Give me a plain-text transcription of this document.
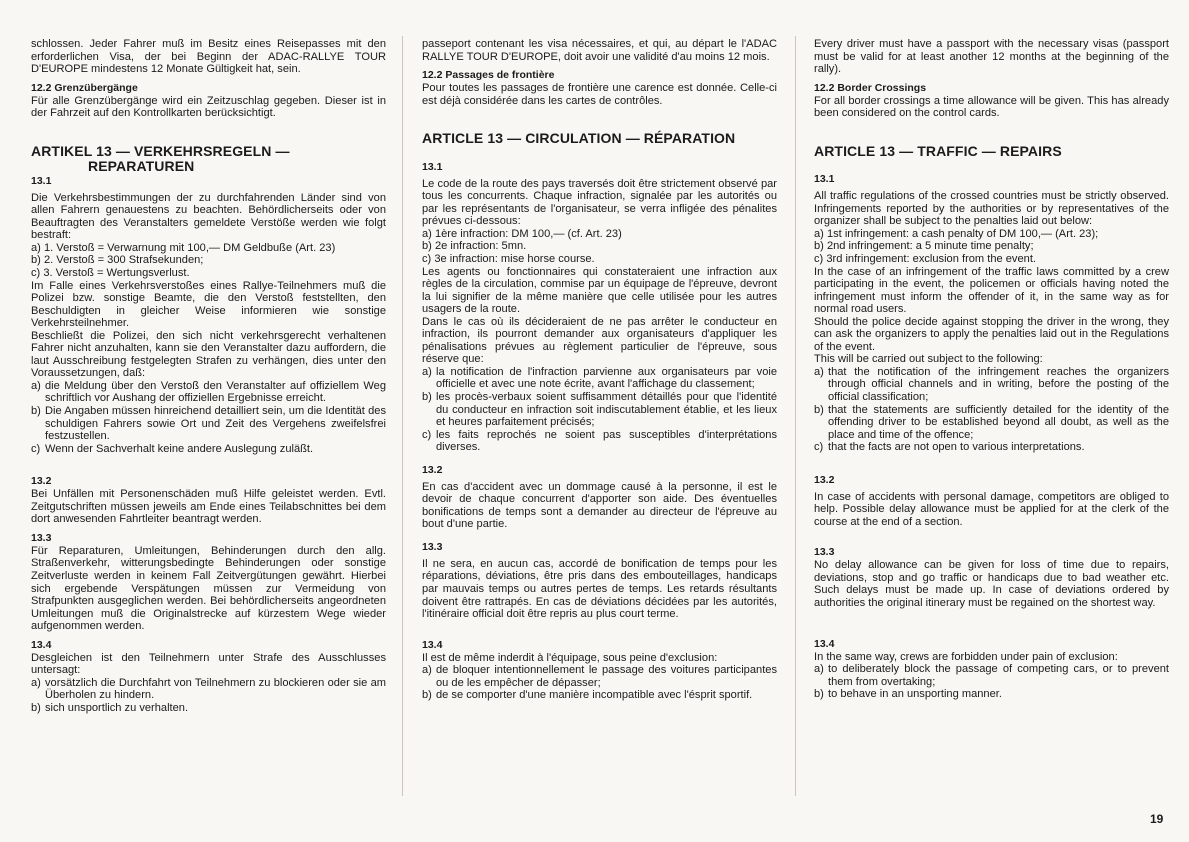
schlossen. Jeder Fahrer muß im Besitz eines Reisepasses mit den erforderlichen Visa, der bei Beginn der ADAC-RALLYE TOUR D'EUROPE mindestens 12 Monate Gültigkeit hat, sein.

12.2 Grenzübergänge

Für alle Grenzübergänge wird ein Zeitzuschlag gegeben. Dieser ist in der Fahrzeit auf den Kontrollkarten berücksichtigt.

ARTIKEL 13 — VERKEHRSREGELN —
REPARATUREN
13.1

Die Verkehrsbestimmungen der zu durchfahrenden Länder sind von allen Fahrern genauestens zu beachten. Behördlicherseits oder von Beauftragten des Veranstalters gemeldete Verstöße werden wie folgt bestraft:

a) 1. Verstoß = Verwarnung mit 100,— DM Geldbuße (Art. 23)

b) 2. Verstoß = 300 Strafsekunden;

c) 3. Verstoß = Wertungsverlust.

Im Falle eines Verkehrsverstoßes eines Rallye-Teilnehmers muß die Polizei bzw. sonstige Beamte, die den Verstoß feststellten, den Beschuldigten in gleicher Weise informieren wie sonstige Verkehrsteilnehmer.

Beschließt die Polizei, den sich nicht verkehrsgerecht verhaltenen Fahrer nicht anzuhalten, kann sie den Veranstalter dazu auffordern, die laut Ausschreibung festgelegten Strafen zu verhängen, dies unter den Voraussetzungen, daß:

a) die Meldung über den Verstoß den Veranstalter auf offiziellem Weg schriftlich vor Aushang der offiziellen Ergebnisse erreicht.
b) Die Angaben müssen hinreichend detailliert sein, um die Identität des schuldigen Fahrers sowie Ort und Zeit des Vergehens zweifelsfrei festzustellen.
c) Wenn der Sachverhalt keine andere Auslegung zuläßt.
13.2

Bei Unfällen mit Personenschäden muß Hilfe geleistet werden. Evtl. Zeitgutschriften müssen jeweils am Ende eines Teilabschnittes bei dem dort anwesenden Fahrtleiter beantragt werden.

13.3

Für Reparaturen, Umleitungen, Behinderungen durch den allg. Straßenverkehr, witterungsbedingte Behinderungen oder sonstige Zeitverluste werden in keinem Fall Zeitvergütungen gewährt. Hierbei sich ergebende Verspätungen müssen zur Vermeidung von Strafpunkten ausgeglichen werden. Bei behördlicherseits angeordneten Umleitungen muß die Originalstrecke auf kürzestem Wege wieder aufgenommen werden.

13.4

Desgleichen ist den Teilnehmern unter Strafe des Ausschlusses untersagt:

a) vorsätzlich die Durchfahrt von Teilnehmern zu blockieren oder sie am Überholen zu hindern.
b) sich unsportlich zu verhalten.

passeport contenant les visa nécessaires, et qui, au départ le l'ADAC RALLYE TOUR D'EUROPE, doit avoir une validité d'au moins 12 mois.

12.2 Passages de frontière

Pour toutes les passages de frontière une carence est donnée. Celle-ci est déjà considérée dans les cartes de contrôles.

ARTICLE 13 — CIRCULATION — RÉPARATION
13.1

Le code de la route des pays traversés doit être strictement observé par tous les concurrents. Chaque infraction, signalée par les autorités ou par les représentants de l'organisateur, se verra infligée des pénalites prévues ci-dessous:

a) 1ère infraction: DM 100,— (cf. Art. 23)

b) 2e infraction: 5mn.

c) 3e infraction: mise horse course.

Les agents ou fonctionnaires qui constateraient une infraction aux règles de la circulation, commise par un équipage de l'épreuve, devront la lui signifier de la même manière que celle utilisée pour les autres usagers de la route.

Dans le cas où ils décideraient de ne pas arrêter le conducteur en infraction, ils pourront demander aux organisateurs d'appliquer les pénalisations prévues au règlement particulier de l'épreuve, sous réserve que:

a) la notification de l'infraction parvienne aux organisateurs par voie officielle et avec une note écrite, avant l'affichage du classement;
b) les procès-verbaux soient suffisamment détaillés pour que l'identité du conducteur en infraction soit indiscutablement établie, et les lieux et heures parfaitement précisés;
c) les faits reprochés ne soient pas susceptibles d'interprétations diverses.
13.2

En cas d'accident avec un dommage causé à la personne, il est le devoir de chaque concurrent d'apporter son aide. Des éventuelles bonifications de temps sont a demander au directeur de l'épreuve au bout d'une partie.

13.3

Il ne sera, en aucun cas, accordé de bonification de temps pour les réparations, déviations, être pris dans des embouteillages, handicaps par mauvais temps ou autres pertes de temps. Les retards résultants doivent être rattrapés. En cas de déviations décidées par les autorités, l'itinéraire official doit être repris au plus court terme.

13.4

Il est de même inderdit à l'équipage, sous peine d'exclusion:

a) de bloquer intentionnellement le passage des voitures participantes ou de les empêcher de dépasser;
b) de se comporter d'une manière incompatible avec l'ésprit sportif.

Every driver must have a passport with the necessary visas (passport must be valid for at least another 12 months at the beginning of the rally).

12.2 Border Crossings

For all border crossings a time allowance will be given. This has already been considered on the control cards.

ARTICLE 13 — TRAFFIC — REPAIRS
13.1

All traffic regulations of the crossed countries must be strictly observed. Infringements reported by the authorities or by representatives of the organizer shall be subject to the penalties laid out below:

a) 1st infringement: a cash penalty of DM 100,— (Art. 23);

b) 2nd infringement: a 5 minute time penalty;

c) 3rd infringement: exclusion from the event.

In the case of an infringement of the traffic laws committed by a crew participating in the event, the policemen or officials having noted the infringement must inform the offender of it, in the same way as for normal road users.

Should the police decide against stopping the driver in the wrong, they can ask the organizers to apply the penalties laid out in the Regulations of the event.

This will be carried out subject to the following:

a) that the notification of the infringement reaches the organizers through official channels and in writing, before the posting of the official classification;
b) that the statements are sufficiently detailed for the identity of the offending driver to be established beyond all doubt, as well as the place and time of the offence;
c) that the facts are not open to various interpretations.
13.2

In case of accidents with personal damage, competitors are obliged to help. Possible delay allowance must be applied for at the clerk of the course at the end of a section.

13.3

No delay allowance can be given for loss of time due to repairs, deviations, stop and go traffic or handicaps due to bad weather etc. Such delays must be made up. In case of deviations ordered by authorities the original itinerary must be regained on the shortest way.

13.4

In the same way, crews are forbidden under pain of exclusion:

a) to deliberately block the passage of competing cars, or to prevent them from overtaking;
b) to behave in an unsporting manner.
19
